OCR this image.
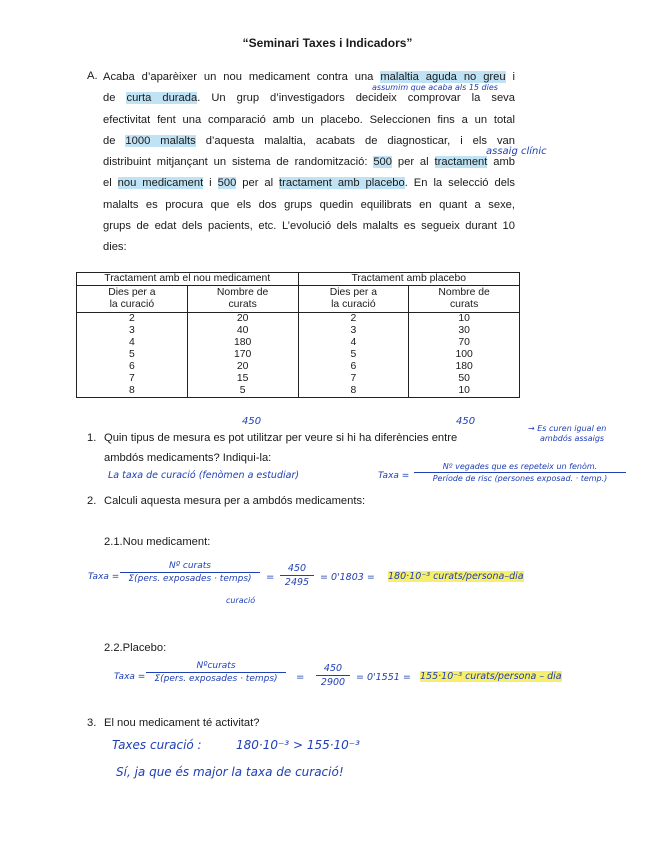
“Seminari Taxes i Indicadors”
A. Acaba d’aparèixer un nou medicament contra una malaltia aguda no greu i
de curta durada. Un grup d’investigadors decideix comprovar la seva
efectivitat fent una comparació amb un placebo. Seleccionen fins a un total
de 1000 malalts d’aquesta malaltia, acabats de diagnosticar, i els van
distribuint mitjançant un sistema de randomització: 500 per al tractament amb
el nou medicament i 500 per al tractament amb placebo. En la selecció dels
malalts es procura que els dos grups quedin equilibrats en quant a sexe,
grups de edat dels pacients, etc. L’evolució dels malalts es segueix durant 10
dies:
assumim que acaba als 15 dies
assaig clínic
Tractament amb el nou medicament		Tractament amb placebo	
Dies per a
la curació	Nombre de
curats	Dies per a
la curació	Nombre de
curats
2	20	2	10
3	40	3	30
4	180	4	70
5	170	5	100
6	20	6	180
7	15	7	50
8	5	8	10
450	450
→ Es curen igual en
ambdós assaigs
1. Quin tipus de mesura es pot utilitzar per veure si hi ha diferències entre
ambdós medicaments? Indiqui-la:
La taxa de curació (fenòmen a estudiar)	Taxa =
Nº vegades que es repeteix un fenòm.
Període de risc (persones exposad. · temp.)
2. Calculi aquesta mesura per a ambdós medicaments:
2.1.Nou medicament:
Taxa =
Nº curats
Σ(pers. exposades · temps)
curació
=
450
2495	= 0'1803 = 180·10⁻³ curats/persona–dia
2.2.Placebo:
Taxa =
Nºcurats
Σ(pers. exposades · temps)	=
450
2900	= 0'1551 = 155·10⁻³ curats/persona – dia
3. El nou medicament té activitat?
Taxes curació :	180·10⁻³ > 155·10⁻³
Sí, ja que és major la taxa de curació!
